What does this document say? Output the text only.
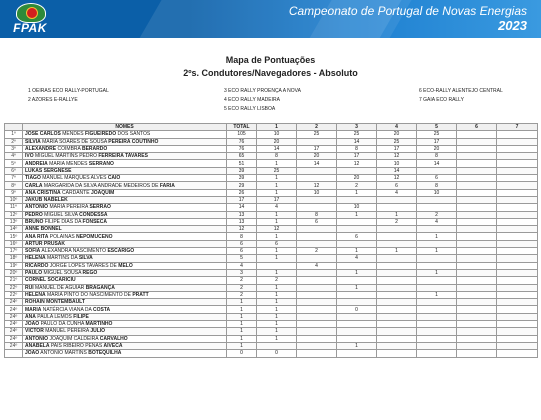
FPAK
Campeonato de Portugal de Novas Energias
2023
Mapa de Pontuações
2ºs. Condutores/Navegadores - Absoluto
1 OEIRAS ECO RALLY-PORTUGAL
2 AZORES E-RALLYE
3 ECO RALLY PROENÇA A NOVA
4 ECO RALLY MADEIRA
5 ECO RALLY LISBOA
6 ECO-RALLY ALENTEJO CENTRAL
7 GAIA ECO RALLY
	NOMES	TOTAL	1	2	3	4	5	6	7
1º	JOSÉ CARLOS MENDES FIGUEIREDO DOS SANTOS	105	10	25	25	20	25		
2º	SÍLVIA MARIA SOARES DE SOUSA PEREIRA COUTINHO	76	20		14	25	17		
3º	ALEXANDRE COIMBRA BERARDO	76	14	17	8	17	20		
4º	IVO MIGUEL MARTINS PEDRO FERREIRA TAVARES	65	8	20	17	12	8		
5º	ANDREIA MARIA MENDES SERRANO	51	1	14	12	10	14		
6º	LUKAS SERGNESE	39	25			14			
7º	TIAGO MANUEL MARQUES ALVES CAIO	39	1		20	12	6		
8º	CARLA MARGARIDA DA SILVA ANDRADE MEDEIROS DE FARIA	29	1	12	2	6	8		
9º	ANA CRISTINA CARDANTE JOAQUIM	26	1	10	1	4	10		
10º	JAKUB NABELEK	17	17						
11º	ANTÓNIO MARIA PEREIRA SERRÃO	14	4		10				
12º	PEDRO MIGUEL SILVA CONDESSA	13	1	8	1	1	2		
13º	BRUNO FILIPE DIAS DA FONSECA	13	1	6		2	4		
14º	ANNE BONNEL	12	12						
15º	ANA RITA POLAINAS NEPOMUCENO	8	1		6		1		
16º	ARTUR PRUSAK	6	6						
17º	SOFIA ALEXANDRA NASCIMENTO ESCARIGO	6	1	2	1	1	1		
18º	HELENA MARTINS DA SILVA	5	1		4				
19º	RICARDO JORGE LOPES TAVARES DE MELO	4		4					
20º	PAULO MIGUEL SOUSA REGO	3	1		1		1		
21º	CORNEL SOCARICIU	2	2						
22º	RUI MANUEL DE AGUIAR BRAGANÇA	2	1		1				
22º	HELENA MARIA PINTO DO NASCIMENTO DE PRATT	2	1				1		
24º	ROHAIN MONTEMBAULT	1	1						
24º	MARIA NATÉRCIA VIANA DA COSTA	1	1		0				
24º	ANA PAULA LEMOS FILIPE	1	1						
24º	JOÃO PAULO DA CUNHA MARTINHO	1	1						
24º	VICTOR MANUEL PEREIRA JÚLIO	1	1						
24º	ANTÓNIO JOAQUIM CALDEIRA CARVALHO	1	1						
24º	ANABELA PAIS RIBEIRO PENAS AIVECA	1			1				
	JOÃO ANTÓNIO MARTINS BOTEQUILHA	0	0						
